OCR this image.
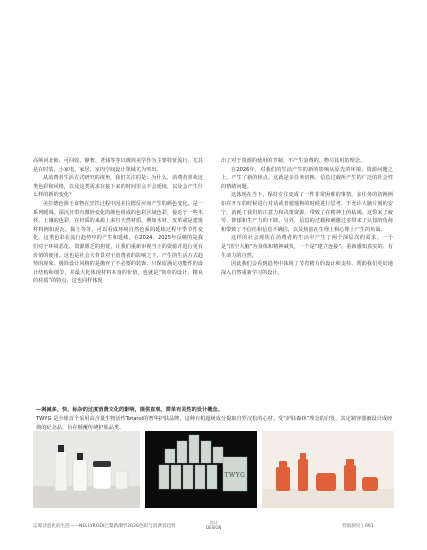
高频词北欧、可回收、静奢、老钱等等以极简美学作为主要特征流行，尤其是在时装、小家电、家居、室内空间设计领域尤为突出。

从消费者生活方式研究的视角，我们关注的是：为什么，消费者喜欢这类色彩和风格，以及这类需求在接下来的时间里会不会延续，以及会产生什么样的新的变化？

美拉德色源于食物在烹饪过程中因美拉德反应而产生的颜色变化。是一系列暖调、深沉且带有微妙变化的颜色组成的色彩区域色彩，接近于一些木材、土壤的色彩，在材质的来源上来自天然材质，例如木材、皮革或是建筑材料例如泥瓦、黏土等等，可以看成环境自然色系的延续过程中季节性变化。这类色彩在流行趋势中的产生和延续，在2024、2025年反映的是我们对于环境恶化、资源匮乏的担忧，让我们重新审视当下的资源并进行更有价值的使用。这也是社会大背景对于消费者的影响之下，产生的生活方式趋势的现象。极简设计风格的是抛弃了不必要的装饰，只保留满足功能性的设计结构和细节，并最大化体现材料本身的价值，也就是“简单的设计，精良的材质”的特点，这也同样体现

出了对于资源的使用的节制、不产生浪费的、物尽其用的理念。

在2026年，对我们的生活产生的新的影响从原先的环境、资源问题之上，产生了新的焦点。这就是多任务切换、信息过载所产生的广泛的社会性的情绪问题。

这体现在当下，保持专注变成了一件非常困难的事情。多任务的切换例如在开车的时候进行对话或者遛遛狗的时候进行思考。不允许大脑片刻的安宁，消耗了我们的注意力和决策资源，带致了在精神上的枯竭，这带来了疲劳、抑郁和生产力的下降。另外，信息的过载和刺激过多带来了认知的负荷和带致了不信任和信息不确信，以及焦虑在生理上和心理上产生的负面。

这样的社会现状在消费者的生活中产生了两个深层次的需求。一个是“清空大脑”为身体和精神减负，一个是“建立连接”，重新感知真实的、有生命力的自然。

因此我们会看到趋势中体现了节省精力的设计和支持、帮助我们更好地深入自然重新学习的设计。

—剥减多、快、标杂的过度消费文化的影响，提供直观、简单有灵性的设计概念。
TWYG 是全球首个采用高含量生物活性Totarol的奢华护肤品牌，这种有机超级成分提取自罗汉松的心材。受“护肤森林”理念的启发，其定制容器被设计成经典的纪念品，旨在颠覆传统护肤品类。
TWYG
运筹诗意化的生活——NELLYRODI巴黎新潮学2026色彩与消费者趋势
设计
DESIGN	营销洞见 | 091
